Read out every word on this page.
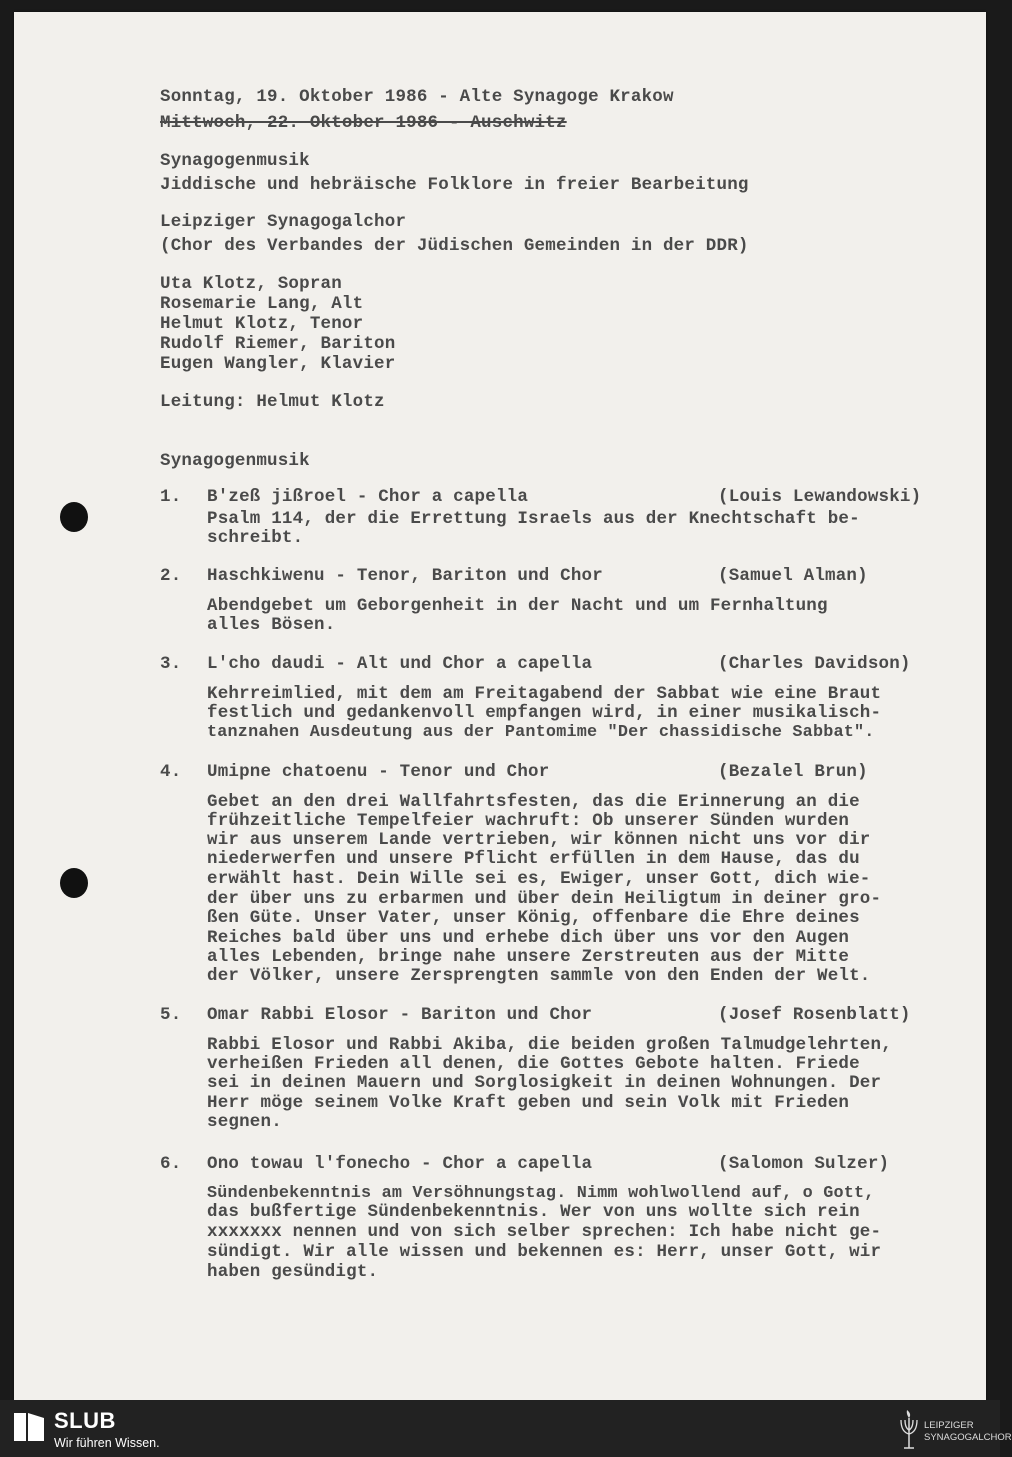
Sonntag, 19. Oktober 1986 - Alte Synagoge Krakow
Mittwoch, 22. Oktober 1986 - Auschwitz
Synagogenmusik
Jiddische und hebräische Folklore in freier Bearbeitung
Leipziger Synagogalchor
(Chor des Verbandes der Jüdischen Gemeinden in der DDR)
Uta Klotz, Sopran
Rosemarie Lang, Alt
Helmut Klotz, Tenor
Rudolf Riemer, Bariton
Eugen Wangler, Klavier
Leitung: Helmut Klotz
Synagogenmusik
1. B'zeß jißroel - Chor a capella	(Louis Lewandowski)
Psalm 114, der die Errettung Israels aus der Knechtschaft be-
schreibt.
2. Haschkiwenu - Tenor, Bariton und Chor	(Samuel Alman)
Abendgebet um Geborgenheit in der Nacht und um Fernhaltung
alles Bösen.
3. L'cho daudi - Alt und Chor a capella	(Charles Davidson)
Kehrreimlied, mit dem am Freitagabend der Sabbat wie eine Braut
festlich und gedankenvoll empfangen wird, in einer musikalisch-
tanznahen Ausdeutung aus der Pantomime "Der chassidische Sabbat".
4. Umipne chatoenu - Tenor und Chor	(Bezalel Brun)
Gebet an den drei Wallfahrtsfesten, das die Erinnerung an die
frühzeitliche Tempelfeier wachruft: Ob unserer Sünden wurden
wir aus unserem Lande vertrieben, wir können nicht uns vor dir
niederwerfen und unsere Pflicht erfüllen in dem Hause, das du
erwählt hast. Dein Wille sei es, Ewiger, unser Gott, dich wie-
der über uns zu erbarmen und über dein Heiligtum in deiner gro-
ßen Güte. Unser Vater, unser König, offenbare die Ehre deines
Reiches bald über uns und erhebe dich über uns vor den Augen
alles Lebenden, bringe nahe unsere Zerstreuten aus der Mitte
der Völker, unsere Zersprengten sammle von den Enden der Welt.
5. Omar Rabbi Elosor - Bariton und Chor	(Josef Rosenblatt)
Rabbi Elosor und Rabbi Akiba, die beiden großen Talmudgelehrten,
verheißen Frieden all denen, die Gottes Gebote halten. Friede
sei in deinen Mauern und Sorglosigkeit in deinen Wohnungen. Der
Herr möge seinem Volke Kraft geben und sein Volk mit Frieden
segnen.
6. Ono towau l'fonecho - Chor a capella	(Salomon Sulzer)
Sündenbekenntnis am Versöhnungstag. Nimm wohlwollend auf, o Gott,
das bußfertige Sündenbekenntnis. Wer von uns wollte sich rein
xxxxxxx nennen und von sich selber sprechen: Ich habe nicht ge-
sündigt. Wir alle wissen und bekennen es: Herr, unser Gott, wir
haben gesündigt.
SLUB
Wir führen Wissen.
LEIPZIGER
SYNAGOGALCHOR
